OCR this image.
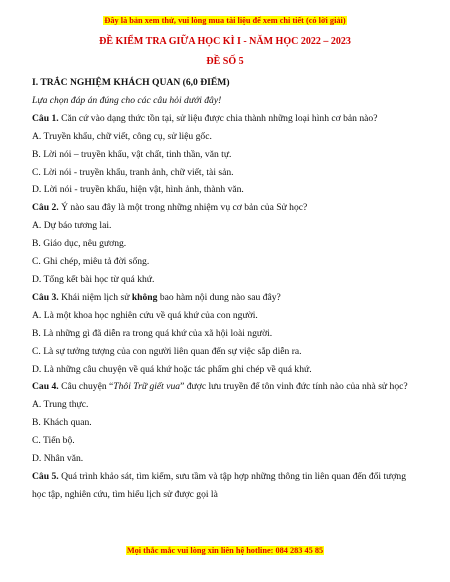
Đây là bản xem thử, vui lòng mua tài liệu để xem chi tiết (có lời giải)
ĐỀ KIỂM TRA GIỮA HỌC KÌ I - NĂM HỌC 2022 – 2023
ĐỀ SỐ 5

I. TRẮC NGHIỆM KHÁCH QUAN (6,0 ĐIỂM)

Lựa chọn đáp án đúng cho các câu hỏi dưới đây!

Câu 1. Căn cứ vào dạng thức tồn tại, sử liệu được chia thành những loại hình cơ bản nào?

A. Truyền khẩu, chữ viết, công cụ, sử liệu gốc.

B. Lời nói – truyền khẩu, vật chất, tinh thần, văn tự.

C. Lời nói - truyền khẩu, tranh ảnh, chữ viết, tài sản.

D. Lời nói - truyền khẩu, hiện vật, hình ảnh, thành văn.

Câu 2. Ý nào sau đây là một trong những nhiệm vụ cơ bản của Sử học?

A. Dự báo tương lai.

B. Giáo dục, nêu gương.

C. Ghi chép, miêu tả đời sống.

D. Tổng kết bài học từ quá khứ.

Câu 3. Khái niệm lịch sử không bao hàm nội dung nào sau đây?

A. Là một khoa học nghiên cứu về quá khứ của con người.

B. Là những gì đã diễn ra trong quá khứ của xã hội loài người.

C. Là sự tưởng tượng của con người liên quan đến sự việc sắp diễn ra.

D. Là những câu chuyện về quá khứ hoặc tác phẩm ghi chép về quá khứ.

Cau 4. Câu chuyện “Thôi Trữ giết vua” được lưu truyền để tôn vinh đức tính nào của nhà sử học?

A. Trung thực.

B. Khách quan.

C. Tiến bộ.

D. Nhân văn.

Câu 5. Quá trình khảo sát, tìm kiếm, sưu tầm và tập hợp những thông tin liên quan đến đối tượng học tập, nghiên cứu, tìm hiểu lịch sử được gọi là

Mọi thắc mắc vui lòng xin liên hệ hotline: 084 283 45 85
